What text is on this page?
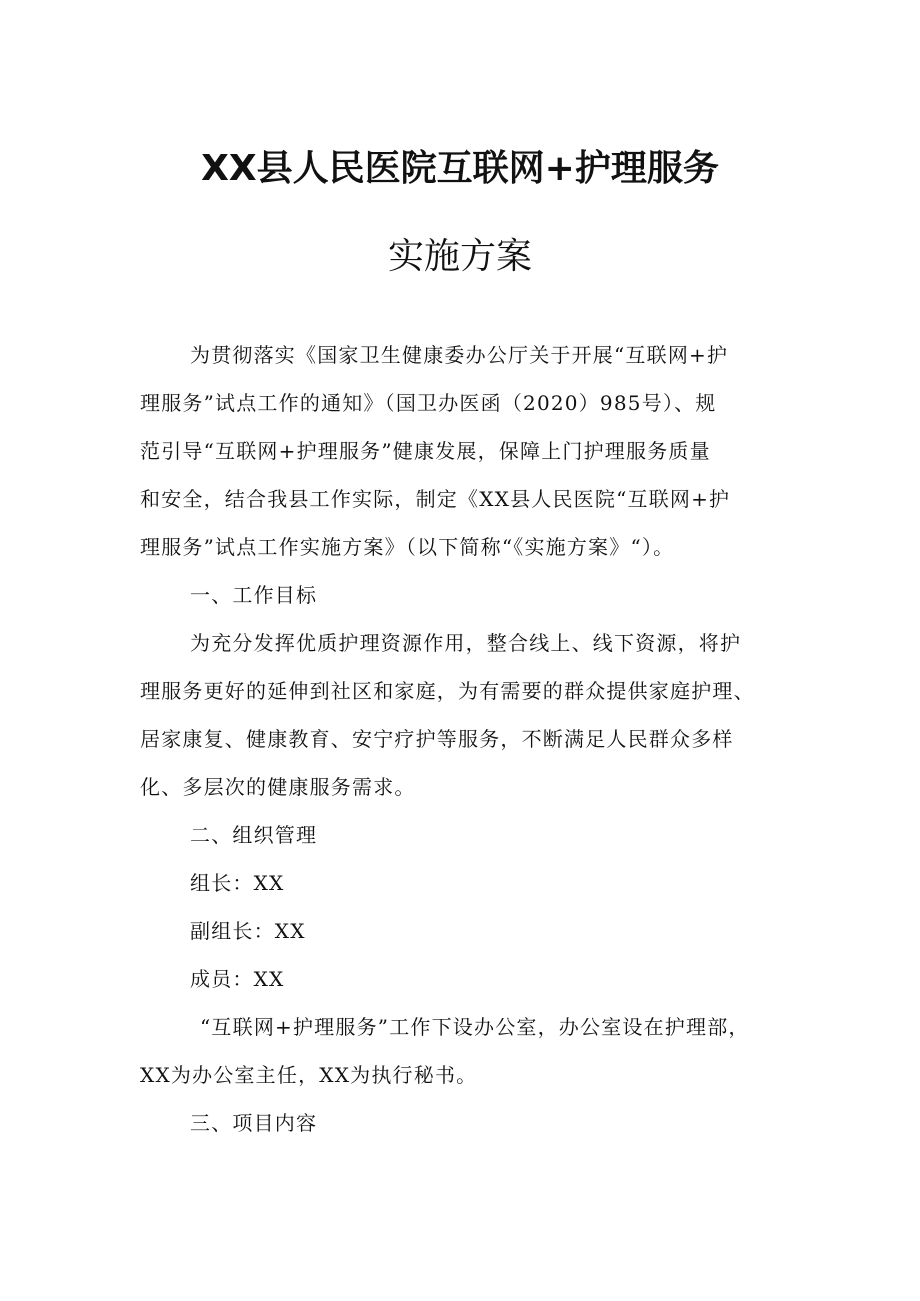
XX县人民医院互联网+护理服务
实施方案
为贯彻落实《国家卫生健康委办公厅关于开展“互联网+护
理服务”试点工作的通知》（国卫办医函（2020）985号）、规
范引导“互联网+护理服务”健康发展，保障上门护理服务质量
和安全，结合我县工作实际，制定《XX县人民医院“互联网+护
理服务”试点工作实施方案》（以下简称“《实施方案》“）。
一、工作目标
为充分发挥优质护理资源作用，整合线上、线下资源，将护
理服务更好的延伸到社区和家庭，为有需要的群众提供家庭护理、
居家康复、健康教育、安宁疗护等服务，不断满足人民群众多样
化、多层次的健康服务需求。
二、组织管理
组长：XX
副组长：XX
成员：XX
“互联网+护理服务”工作下设办公室，办公室设在护理部，
XX为办公室主任，XX为执行秘书。
三、项目内容
